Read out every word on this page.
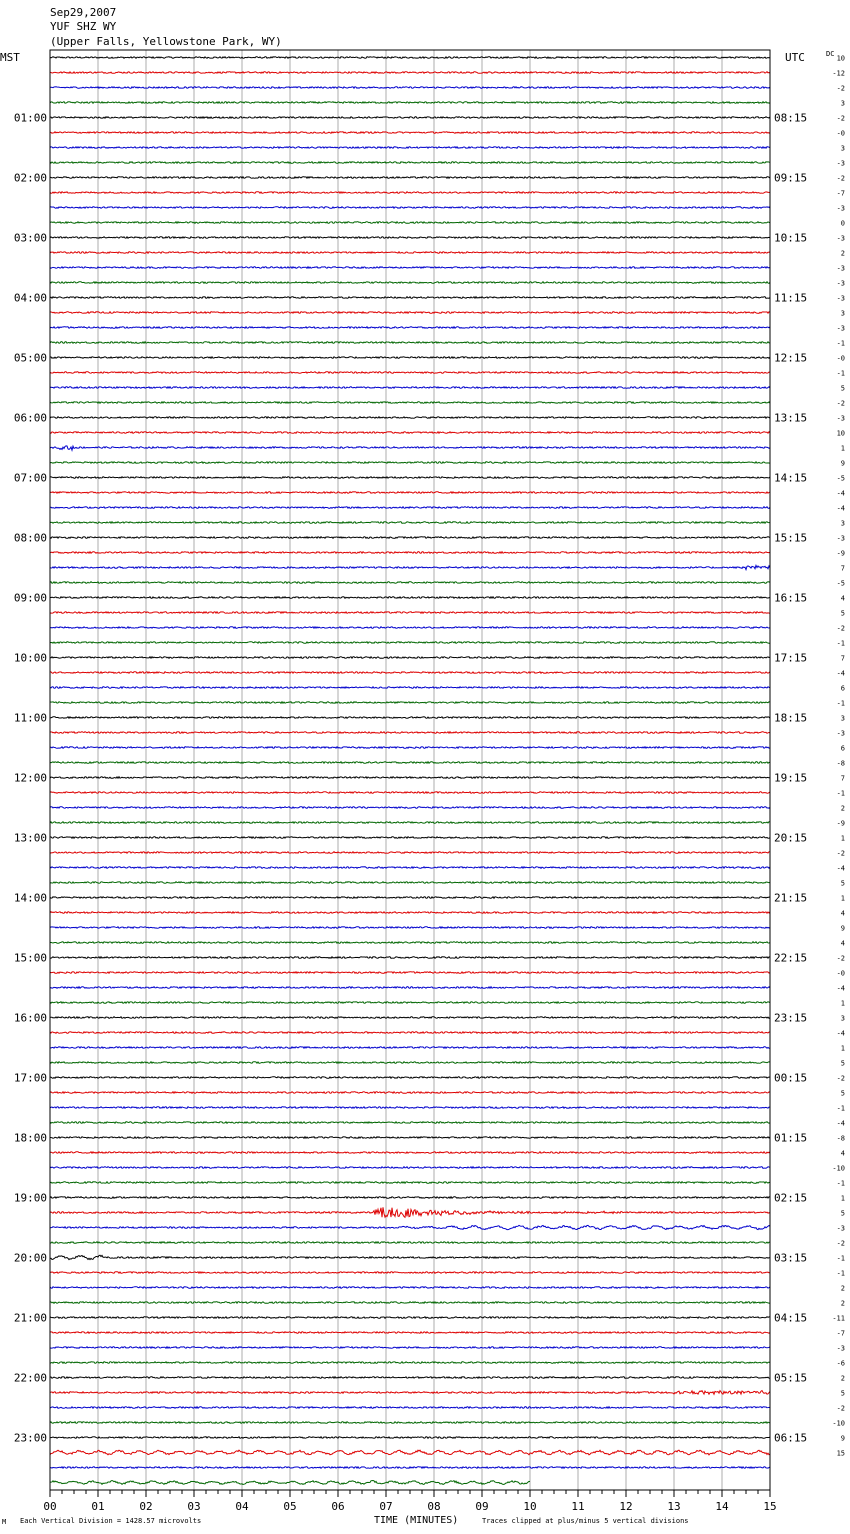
Sep29,2007
YUF SHZ WY
(Upper Falls, Yellowstone Park, WY)
MST	UTC	DC
01:00
02:00
03:00
04:00
05:00
06:00
07:00
08:00
09:00
10:00
11:00
12:00
13:00
14:00
15:00
16:00
17:00
18:00
19:00
20:00
21:00
22:00
23:00
08:15
09:15
10:15
11:15
12:15
13:15
14:15
15:15
16:15
17:15
18:15
19:15
20:15
21:15
22:15
23:15
00:15
01:15
02:15
03:15
04:15
05:15
06:15
10
-12
-2
3
-2
-0
3
-3
-2
-7
-3
0
-3
2
-3
-3
-3
3
-3
-1
-0
-1
5
-2
-3
10
1
9
-5
-4
-4
3
-3
-9
7
-5
4
5
-2
-1
7
-4
6
-1
3
-3
6
-8
7
-1
2
-9
1
-2
-4
5
1
4
9
4
-2
-0
-4
1
3
-4
1
5
-2
5
-1
-4
-8
4
-10
-1
1
5
-3
-2
-1
-1
2
2
-11
-7
-3
-6
2
5
-2
-10
9
15
00	01	02	03	04	05	06	07	08	09	10	11	12	13	14	15
M Each Vertical Division = 1428.57 microvolts	TIME (MINUTES)	Traces clipped at plus/minus 5 vertical divisions
